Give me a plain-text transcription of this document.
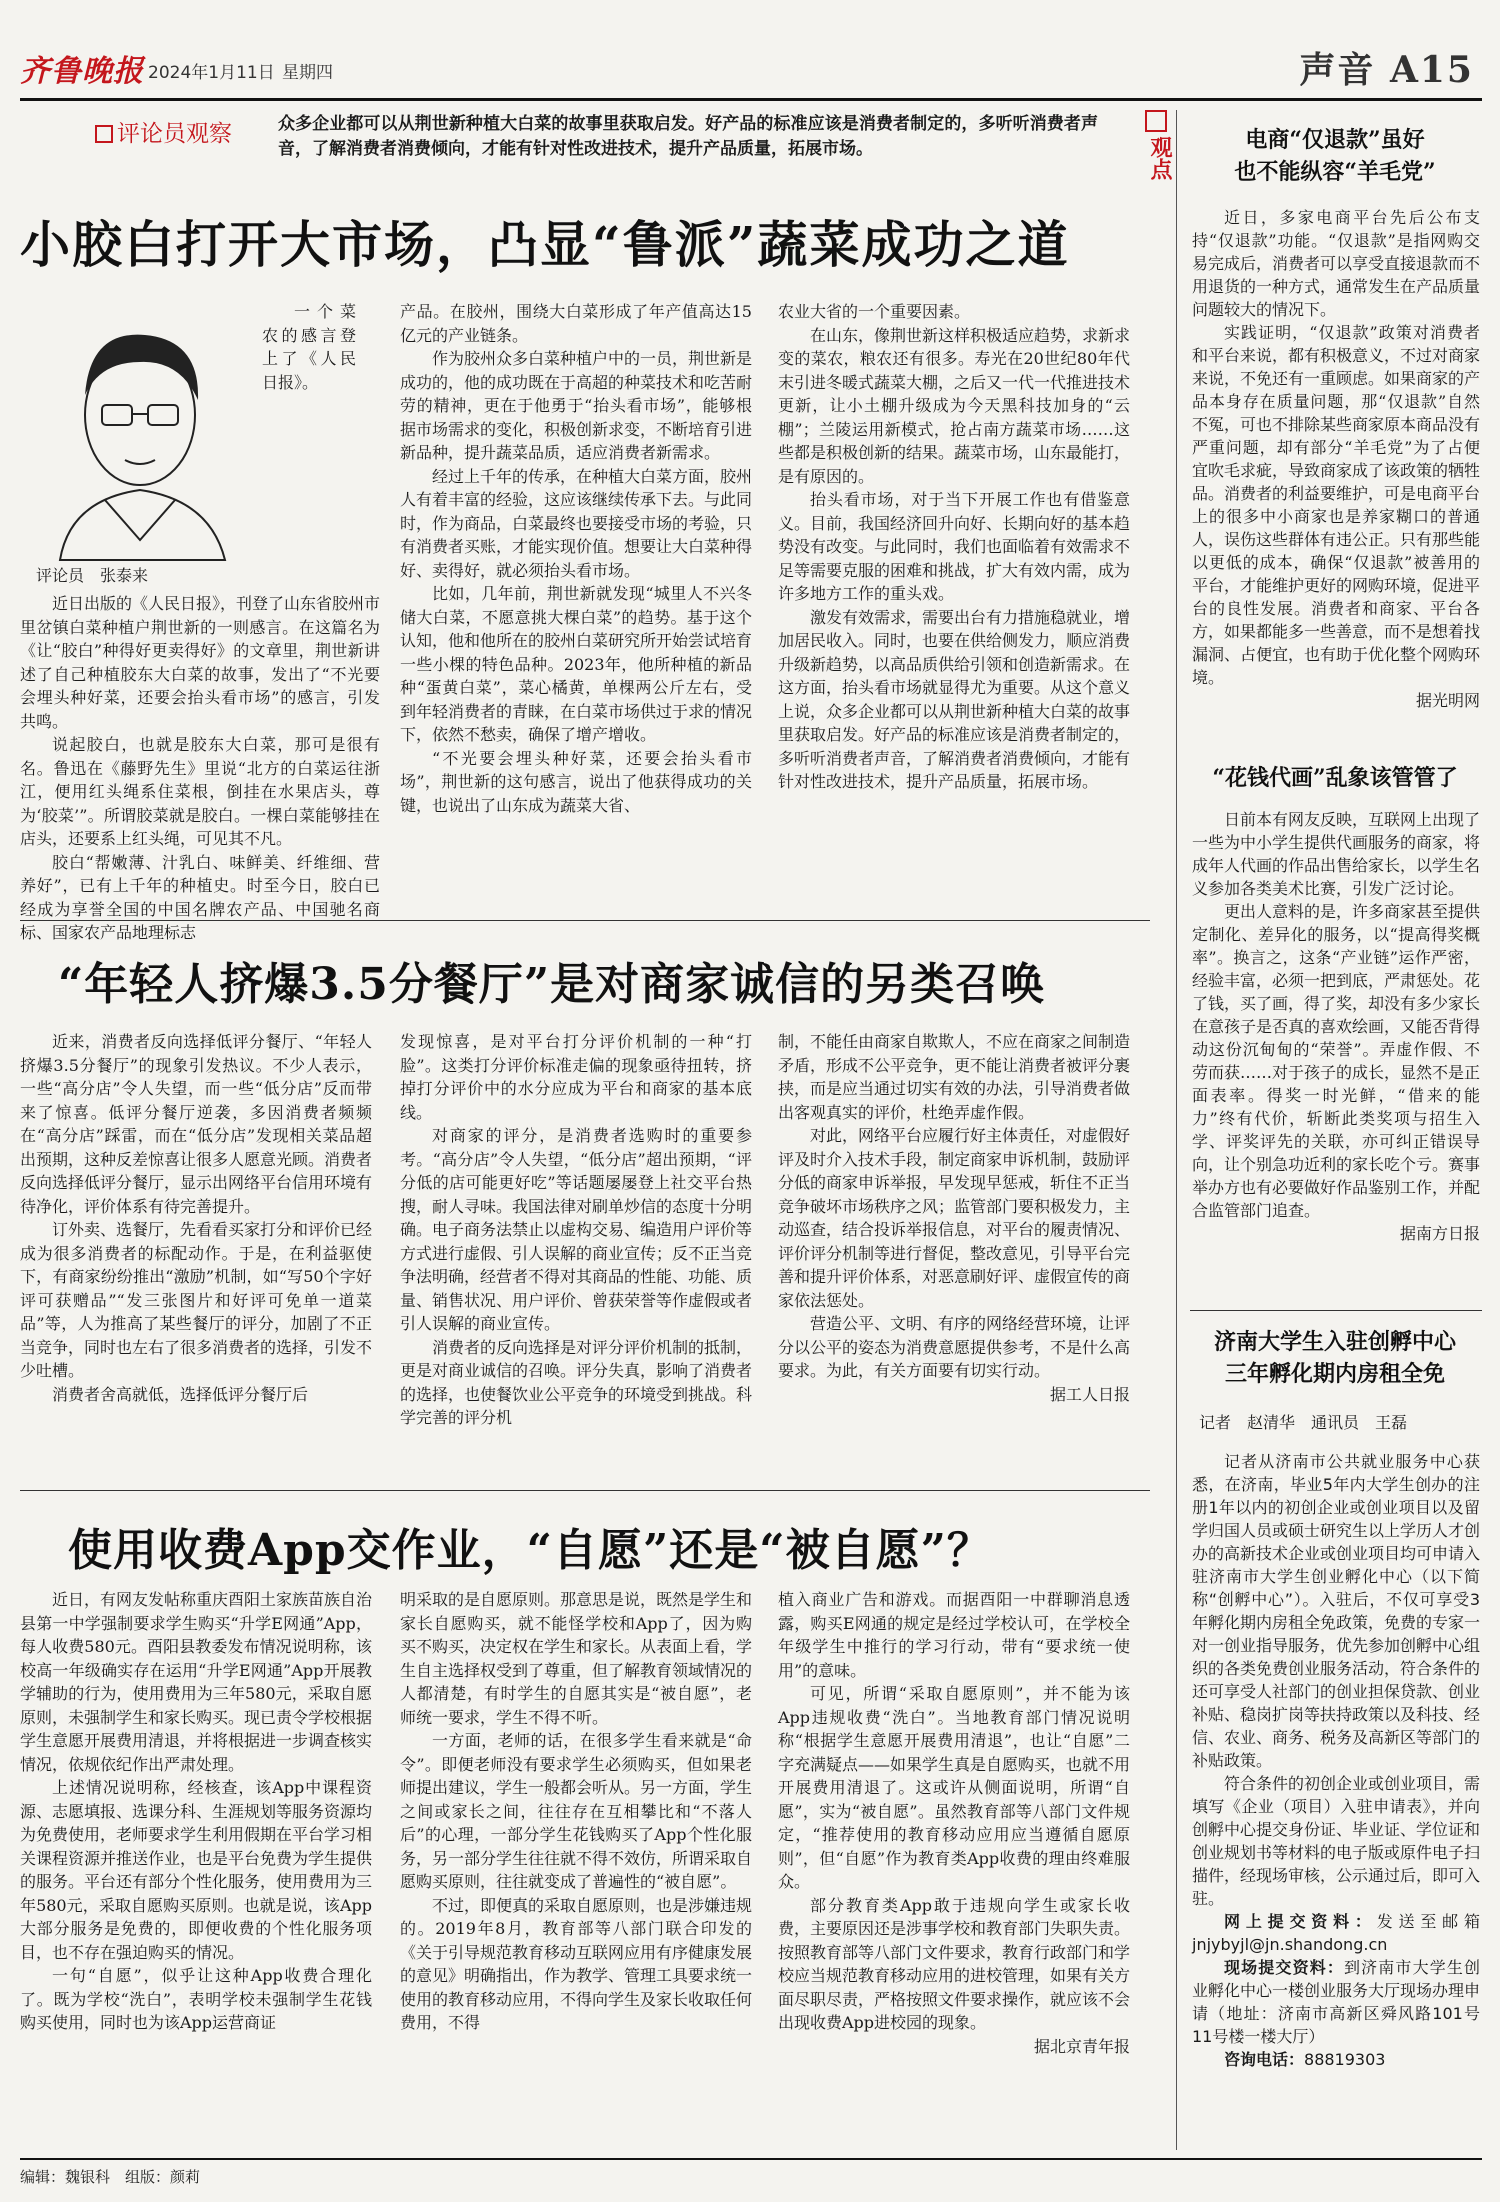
齐鲁晚报 2024年1月11日 星期四	声音 A15
观点
评论员观察	众多企业都可以从荆世新种植大白菜的故事里获取启发。好产品的标准应该是消费者制定的，多听听消费者声音，了解消费者消费倾向，才能有针对性改进技术，提升产品质量，拓展市场。
小胶白打开大市场，凸显“鲁派”蔬菜成功之道
评论员　张泰来

一个菜农的感言登上了《人民日报》。

近日出版的《人民日报》，刊登了山东省胶州市里岔镇白菜种植户荆世新的一则感言。在这篇名为《让“胶白”种得好更卖得好》的文章里，荆世新讲述了自己种植胶东大白菜的故事，发出了“不光要会埋头种好菜，还要会抬头看市场”的感言，引发共鸣。

说起胶白，也就是胶东大白菜，那可是很有名。鲁迅在《藤野先生》里说“北方的白菜运往浙江，便用红头绳系住菜根，倒挂在水果店头，尊为‘胶菜’”。所谓胶菜就是胶白。一棵白菜能够挂在店头，还要系上红头绳，可见其不凡。

胶白“帮嫩薄、汁乳白、味鲜美、纤维细、营养好”，已有上千年的种植史。时至今日，胶白已经成为享誉全国的中国名牌农产品、中国驰名商标、国家农产品地理标志

产品。在胶州，围绕大白菜形成了年产值高达15亿元的产业链条。

作为胶州众多白菜种植户中的一员，荆世新是成功的，他的成功既在于高超的种菜技术和吃苦耐劳的精神，更在于他勇于“抬头看市场”，能够根据市场需求的变化，积极创新求变，不断培育引进新品种，提升蔬菜品质，适应消费者新需求。

经过上千年的传承，在种植大白菜方面，胶州人有着丰富的经验，这应该继续传承下去。与此同时，作为商品，白菜最终也要接受市场的考验，只有消费者买账，才能实现价值。想要让大白菜种得好、卖得好，就必须抬头看市场。

比如，几年前，荆世新就发现“城里人不兴冬储大白菜，不愿意挑大棵白菜”的趋势。基于这个认知，他和他所在的胶州白菜研究所开始尝试培育一些小棵的特色品种。2023年，他所种植的新品种“蛋黄白菜”，菜心橘黄，单棵两公斤左右，受到年轻消费者的青睐，在白菜市场供过于求的情况下，依然不愁卖，确保了增产增收。

“不光要会埋头种好菜，还要会抬头看市场”，荆世新的这句感言，说出了他获得成功的关键，也说出了山东成为蔬菜大省、

农业大省的一个重要因素。

在山东，像荆世新这样积极适应趋势，求新求变的菜农，粮农还有很多。寿光在20世纪80年代末引进冬暖式蔬菜大棚，之后又一代一代推进技术更新，让小土棚升级成为今天黑科技加身的“云棚”；兰陵运用新模式，抢占南方蔬菜市场……这些都是积极创新的结果。蔬菜市场，山东最能打，是有原因的。

抬头看市场，对于当下开展工作也有借鉴意义。目前，我国经济回升向好、长期向好的基本趋势没有改变。与此同时，我们也面临着有效需求不足等需要克服的困难和挑战，扩大有效内需，成为许多地方工作的重头戏。

激发有效需求，需要出台有力措施稳就业，增加居民收入。同时，也要在供给侧发力，顺应消费升级新趋势，以高品质供给引领和创造新需求。在这方面，抬头看市场就显得尤为重要。从这个意义上说，众多企业都可以从荆世新种植大白菜的故事里获取启发。好产品的标准应该是消费者制定的，多听听消费者声音，了解消费者消费倾向，才能有针对性改进技术，提升产品质量，拓展市场。

“年轻人挤爆3.5分餐厅”是对商家诚信的另类召唤

近来，消费者反向选择低评分餐厅、“年轻人挤爆3.5分餐厅”的现象引发热议。不少人表示，一些“高分店”令人失望，而一些“低分店”反而带来了惊喜。低评分餐厅逆袭，多因消费者频频在“高分店”踩雷，而在“低分店”发现相关菜品超出预期，这种反差惊喜让很多人愿意光顾。消费者反向选择低评分餐厅，显示出网络平台信用环境有待净化，评价体系有待完善提升。

订外卖、选餐厅，先看看买家打分和评价已经成为很多消费者的标配动作。于是，在利益驱使下，有商家纷纷推出“激励”机制，如“写50个字好评可获赠品”“发三张图片和好评可免单一道菜品”等，人为推高了某些餐厅的评分，加剧了不正当竞争，同时也左右了很多消费者的选择，引发不少吐槽。

消费者舍高就低，选择低评分餐厅后

发现惊喜，是对平台打分评价机制的一种“打脸”。这类打分评价标准走偏的现象亟待扭转，挤掉打分评价中的水分应成为平台和商家的基本底线。

对商家的评分，是消费者选购时的重要参考。“高分店”令人失望，“低分店”超出预期，“评分低的店可能更好吃”等话题屡屡登上社交平台热搜，耐人寻味。我国法律对刷单炒信的态度十分明确。电子商务法禁止以虚构交易、编造用户评价等方式进行虚假、引人误解的商业宣传；反不正当竞争法明确，经营者不得对其商品的性能、功能、质量、销售状况、用户评价、曾获荣誉等作虚假或者引人误解的商业宣传。

消费者的反向选择是对评分评价机制的抵制，更是对商业诚信的召唤。评分失真，影响了消费者的选择，也使餐饮业公平竞争的环境受到挑战。科学完善的评分机

制，不能任由商家自欺欺人，不应在商家之间制造矛盾，形成不公平竞争，更不能让消费者被评分裹挟，而是应当通过切实有效的办法，引导消费者做出客观真实的评价，杜绝弄虚作假。

对此，网络平台应履行好主体责任，对虚假好评及时介入技术手段，制定商家申诉机制，鼓励评分低的商家申诉举报，早发现早惩戒，斩住不正当竞争破坏市场秩序之风；监管部门要积极发力，主动巡查，结合投诉举报信息，对平台的履责情况、评价评分机制等进行督促，整改意见，引导平台完善和提升评价体系，对恶意刷好评、虚假宣传的商家依法惩处。

营造公平、文明、有序的网络经营环境，让评分以公平的姿态为消费意愿提供参考，不是什么高要求。为此，有关方面要有切实行动。

据工人日报

使用收费App交作业，“自愿”还是“被自愿”？

近日，有网友发帖称重庆酉阳土家族苗族自治县第一中学强制要求学生购买“升学E网通”App，每人收费580元。酉阳县教委发布情况说明称，该校高一年级确实存在运用“升学E网通”App开展教学辅助的行为，使用费用为三年580元，采取自愿原则，未强制学生和家长购买。现已责令学校根据学生意愿开展费用清退，并将根据进一步调查核实情况，依规依纪作出严肃处理。

上述情况说明称，经核查，该App中课程资源、志愿填报、选课分科、生涯规划等服务资源均为免费使用，老师要求学生利用假期在平台学习相关课程资源并推送作业，也是平台免费为学生提供的服务。平台还有部分个性化服务，使用费用为三年580元，采取自愿购买原则。也就是说，该App大部分服务是免费的，即便收费的个性化服务项目，也不存在强迫购买的情况。

一句“自愿”，似乎让这种App收费合理化了。既为学校“洗白”，表明学校未强制学生花钱购买使用，同时也为该App运营商证

明采取的是自愿原则。那意思是说，既然是学生和家长自愿购买，就不能怪学校和App了，因为购买不购买，决定权在学生和家长。从表面上看，学生自主选择权受到了尊重，但了解教育领域情况的人都清楚，有时学生的自愿其实是“被自愿”，老师统一要求，学生不得不听。

一方面，老师的话，在很多学生看来就是“命令”。即便老师没有要求学生必须购买，但如果老师提出建议，学生一般都会听从。另一方面，学生之间或家长之间，往往存在互相攀比和“不落人后”的心理，一部分学生花钱购买了App个性化服务，另一部分学生往往就不得不效仿，所谓采取自愿购买原则，往往就变成了普遍性的“被自愿”。

不过，即便真的采取自愿原则，也是涉嫌违规的。2019年8月，教育部等八部门联合印发的《关于引导规范教育移动互联网应用有序健康发展的意见》明确指出，作为教学、管理工具要求统一使用的教育移动应用，不得向学生及家长收取任何费用，不得

植入商业广告和游戏。而据酉阳一中群聊消息透露，购买E网通的规定是经过学校认可，在学校全年级学生中推行的学习行动，带有“要求统一使用”的意味。

可见，所谓“采取自愿原则”，并不能为该App违规收费“洗白”。当地教育部门情况说明称“根据学生意愿开展费用清退”，也让“自愿”二字充满疑点——如果学生真是自愿购买，也就不用开展费用清退了。这或许从侧面说明，所谓“自愿”，实为“被自愿”。虽然教育部等八部门文件规定，“推荐使用的教育移动应用应当遵循自愿原则”，但“自愿”作为教育类App收费的理由终难服众。

部分教育类App敢于违规向学生或家长收费，主要原因还是涉事学校和教育部门失职失责。按照教育部等八部门文件要求，教育行政部门和学校应当规范教育移动应用的进校管理，如果有关方面尽职尽责，严格按照文件要求操作，就应该不会出现收费App进校园的现象。

据北京青年报

电商“仅退款”虽好
也不能纵容“羊毛党”

近日，多家电商平台先后公布支持“仅退款”功能。“仅退款”是指网购交易完成后，消费者可以享受直接退款而不用退货的一种方式，通常发生在产品质量问题较大的情况下。

实践证明，“仅退款”政策对消费者和平台来说，都有积极意义，不过对商家来说，不免还有一重顾虑。如果商家的产品本身存在质量问题，那“仅退款”自然不冤，可也不排除某些商家原本商品没有严重问题，却有部分“羊毛党”为了占便宜吹毛求疵，导致商家成了该政策的牺牲品。消费者的利益要维护，可是电商平台上的很多中小商家也是养家糊口的普通人，误伤这些群体有违公正。只有那些能以更低的成本，确保“仅退款”被善用的平台，才能维护更好的网购环境，促进平台的良性发展。消费者和商家、平台各方，如果都能多一些善意，而不是想着找漏洞、占便宜，也有助于优化整个网购环境。

据光明网

“花钱代画”乱象该管管了

日前本有网友反映，互联网上出现了一些为中小学生提供代画服务的商家，将成年人代画的作品出售给家长，以学生名义参加各类美术比赛，引发广泛讨论。

更出人意料的是，许多商家甚至提供定制化、差异化的服务，以“提高得奖概率”。换言之，这条“产业链”运作严密，经验丰富，必须一把到底，严肃惩处。花了钱，买了画，得了奖，却没有多少家长在意孩子是否真的喜欢绘画，又能否背得动这份沉甸甸的“荣誉”。弄虚作假、不劳而获……对于孩子的成长，显然不是正面表率。得奖一时光鲜，“借来的能力”终有代价，斩断此类奖项与招生入学、评奖评先的关联，亦可纠正错误导向，让个别急功近利的家长吃个亏。赛事举办方也有必要做好作品鉴别工作，并配合监管部门追查。

据南方日报

济南大学生入驻创孵中心
三年孵化期内房租全免
记者　赵清华　通讯员　王磊

记者从济南市公共就业服务中心获悉，在济南，毕业5年内大学生创办的注册1年以内的初创企业或创业项目以及留学归国人员或硕士研究生以上学历人才创办的高新技术企业或创业项目均可申请入驻济南市大学生创业孵化中心（以下简称“创孵中心”）。入驻后，不仅可享受3年孵化期内房租全免政策，免费的专家一对一创业指导服务，优先参加创孵中心组织的各类免费创业服务活动，符合条件的还可享受人社部门的创业担保贷款、创业补贴、稳岗扩岗等扶持政策以及科技、经信、农业、商务、税务及高新区等部门的补贴政策。

符合条件的初创企业或创业项目，需填写《企业（项目）入驻申请表》，并向创孵中心提交身份证、毕业证、学位证和创业规划书等材料的电子版或原件电子扫描件，经现场审核，公示通过后，即可入驻。

网上提交资料：发送至邮箱jnjybyjl@jn.shandong.cn

现场提交资料：到济南市大学生创业孵化中心一楼创业服务大厅现场办理申请（地址：济南市高新区舜风路101号11号楼一楼大厅）

咨询电话：88819303

编辑：魏银科　组版：颜莉
